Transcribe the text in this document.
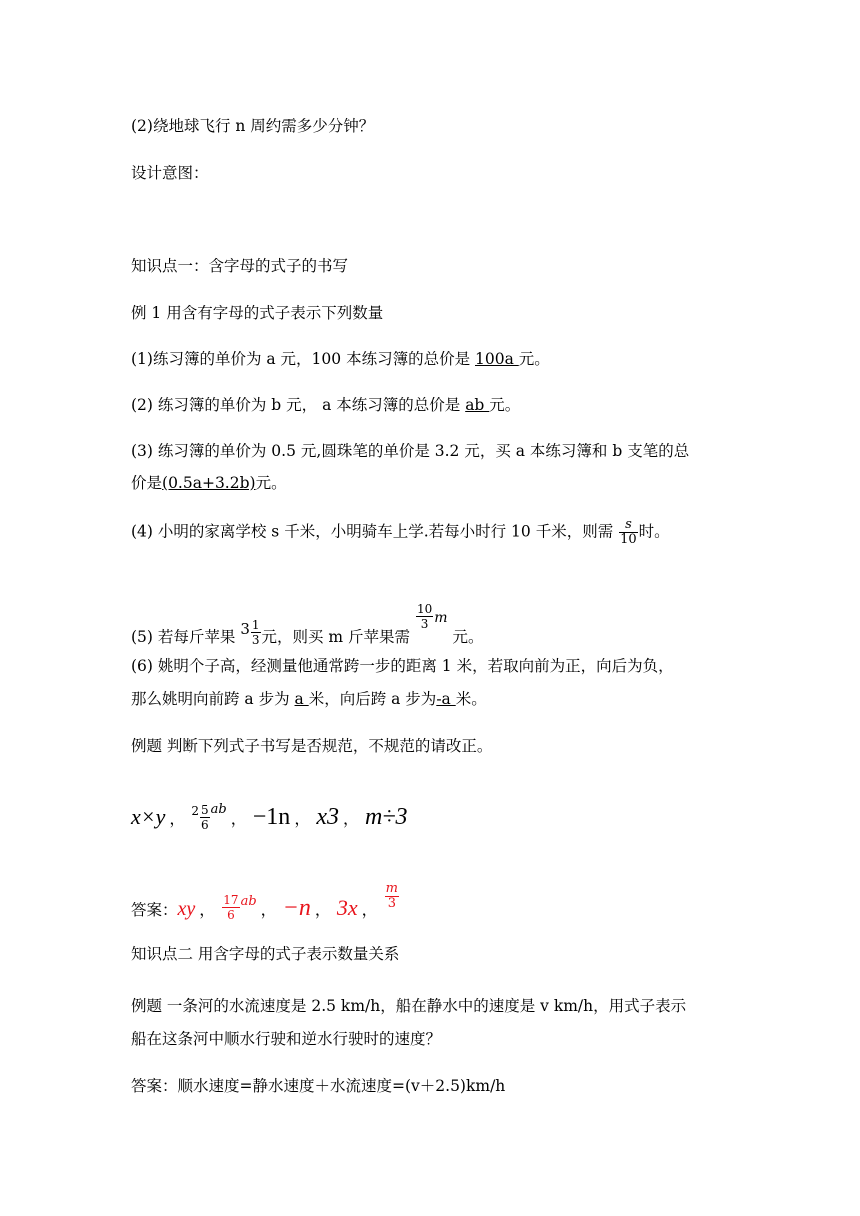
(2)绕地球飞行 n 周约需多少分钟？
设计意图：
知识点一：含字母的式子的书写
例 1 用含有字母的式子表示下列数量
(1)练习簿的单价为 a 元，100 本练习簿的总价是 100a 元。
(2) 练习簿的单价为 b 元， a 本练习簿的总价是 ab 元。
(3) 练习簿的单价为 0.5 元,圆珠笔的单价是 3.2 元，买 a 本练习簿和 b 支笔的总
价是(0.5a+3.2b)元。
(4) 小明的家离学校 s 千米，小明骑车上学.若每小时行 10 千米，则需 $\frac{s}{10}$ 时。
(5) 若每斤苹果 $3 \frac{1}{3}$ 元，则买 m 斤苹果需
$\frac{10}{3}$ m 元。
(6) 姚明个子高，经测量他通常跨一步的距离 1 米，若取向前为正，向后为负，
那么姚明向前跨 a 步为 a 米，向后跨 a 步为-a 米。
例题 判断下列式子书写是否规范，不规范的请改正。
x×y ， $^2 \frac{5}{6} ^{ab}$ ， −1n ， x3 ， m÷3
答案：xy ， $\frac{17}{6} ^{ab}$ ， −n ， 3x ， $\frac{m}{3}$
知识点二 用含字母的式子表示数量关系
例题 一条河的水流速度是 2.5 km/h，船在静水中的速度是 v km/h，用式子表示
船在这条河中顺水行驶和逆水行驶时的速度？
答案：顺水速度=静水速度＋水流速度=(v＋2.5)km/h
